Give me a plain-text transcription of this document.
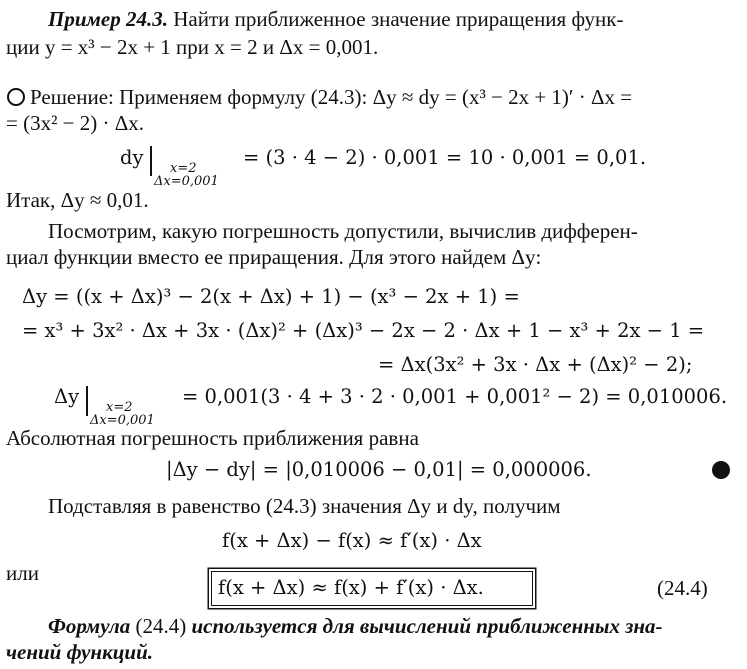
Пример 24.3. Найти приближенное значение приращения функ-
ции y = x³ − 2x + 1 при x = 2 и Δx = 0,001.
Решение: Применяем формулу (24.3): Δy ≈ dy = (x³ − 2x + 1)′ · Δx =
= (3x² − 2) · Δx.
dy x=2
Δx=0,001
= (3 · 4 − 2) · 0,001 = 10 · 0,001 = 0,01.
Итак, Δy ≈ 0,01.
Посмотрим, какую погрешность допустили, вычислив дифферен-
циал функции вместо ее приращения. Для этого найдем Δy:
Δy = ((x + Δx)³ − 2(x + Δx) + 1) − (x³ − 2x + 1) =
= x³ + 3x² · Δx + 3x · (Δx)² + (Δx)³ − 2x − 2 · Δx + 1 − x³ + 2x − 1 =
= Δx(3x² + 3x · Δx + (Δx)² − 2);
Δy x=2
Δx=0,001
= 0,001(3 · 4 + 3 · 2 · 0,001 + 0,001² − 2) = 0,010006.
Абсолютная погрешность приближения равна
|Δy − dy| = |0,010006 − 0,01| = 0,000006.
Подставляя в равенство (24.3) значения Δy и dy, получим
f(x + Δx) − f(x) ≈ f′(x) · Δx
или
f(x + Δx) ≈ f(x) + f′(x) · Δx.	(24.4)
Формула (24.4) используется для вычислений приближенных зна-
чений функций.
